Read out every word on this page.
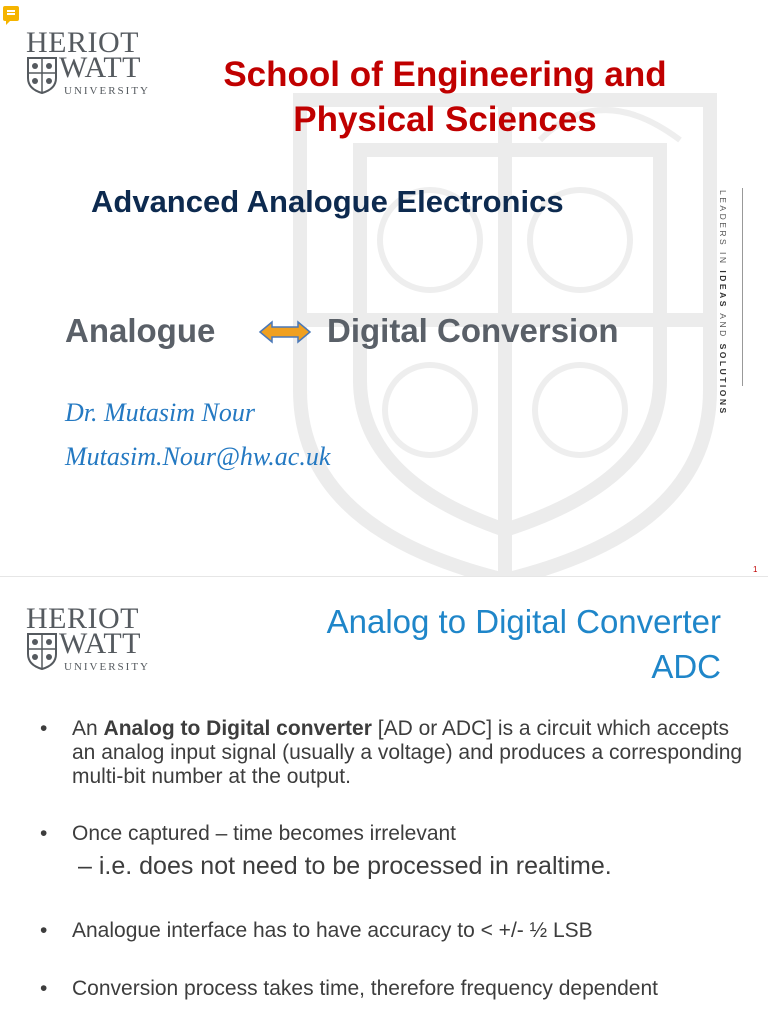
HERIOT
WATT
UNIVERSITY	School of Engineering and
Physical Sciences
Advanced Analogue Electronics	LEADERS IN IDEAS AND SOLUTIONS
Analogue	Digital Conversion
Dr. Mutasim Nour
Mutasim.Nour@hw.ac.uk
1
HERIOT
WATT
UNIVERSITY
Analog to Digital Converter
ADC
• An Analog to Digital converter [AD or ADC] is a circuit which accepts an analog input signal (usually a voltage) and produces a corresponding multi-bit number at the output.
• Once captured – time becomes irrelevant
– i.e. does not need to be processed in realtime.
• Analogue interface has to have accuracy to < +/- ½ LSB
• Conversion process takes time, therefore frequency dependent
